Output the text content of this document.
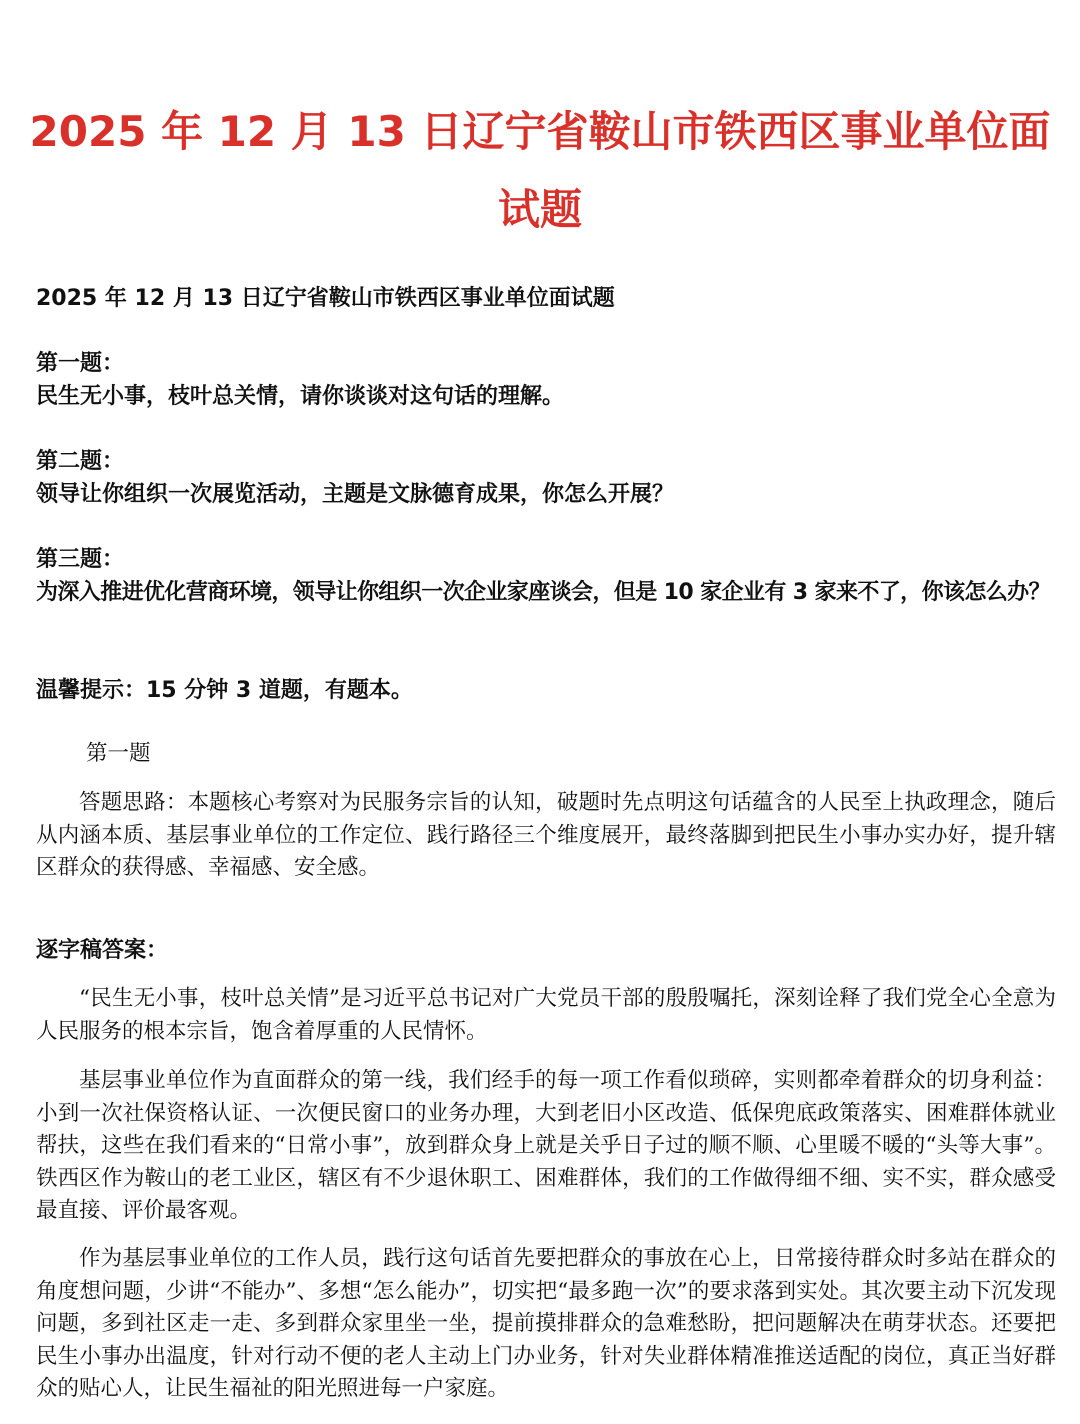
2025 年 12 月 13 日辽宁省鞍山市铁西区事业单位面
试题

2025 年 12 月 13 日辽宁省鞍山市铁西区事业单位面试题

第一题：

民生无小事，枝叶总关情，请你谈谈对这句话的理解。

第二题：

领导让你组织一次展览活动，主题是文脉德育成果，你怎么开展？

第三题：

为深入推进优化营商环境，领导让你组织一次企业家座谈会，但是 10 家企业有 3 家来不了，你该怎么办？

温馨提示：15 分钟 3 道题，有题本。

第一题

答题思路：本题核心考察对为民服务宗旨的认知，破题时先点明这句话蕴含的人民至上执政理念，随后从内涵本质、基层事业单位的工作定位、践行路径三个维度展开，最终落脚到把民生小事办实办好，提升辖区群众的获得感、幸福感、安全感。

逐字稿答案：

“民生无小事，枝叶总关情”是习近平总书记对广大党员干部的殷殷嘱托，深刻诠释了我们党全心全意为人民服务的根本宗旨，饱含着厚重的人民情怀。

基层事业单位作为直面群众的第一线，我们经手的每一项工作看似琐碎，实则都牵着群众的切身利益：小到一次社保资格认证、一次便民窗口的业务办理，大到老旧小区改造、低保兜底政策落实、困难群体就业帮扶，这些在我们看来的“日常小事”，放到群众身上就是关乎日子过的顺不顺、心里暖不暖的“头等大事”。铁西区作为鞍山的老工业区，辖区有不少退休职工、困难群体，我们的工作做得细不细、实不实，群众感受最直接、评价最客观。

作为基层事业单位的工作人员，践行这句话首先要把群众的事放在心上，日常接待群众时多站在群众的角度想问题，少讲“不能办”、多想“怎么能办”，切实把“最多跑一次”的要求落到实处。其次要主动下沉发现问题，多到社区走一走、多到群众家里坐一坐，提前摸排群众的急难愁盼，把问题解决在萌芽状态。还要把民生小事办出温度，针对行动不便的老人主动上门办业务，针对失业群体精准推送适配的岗位，真正当好群众的贴心人，让民生福祉的阳光照进每一户家庭。
